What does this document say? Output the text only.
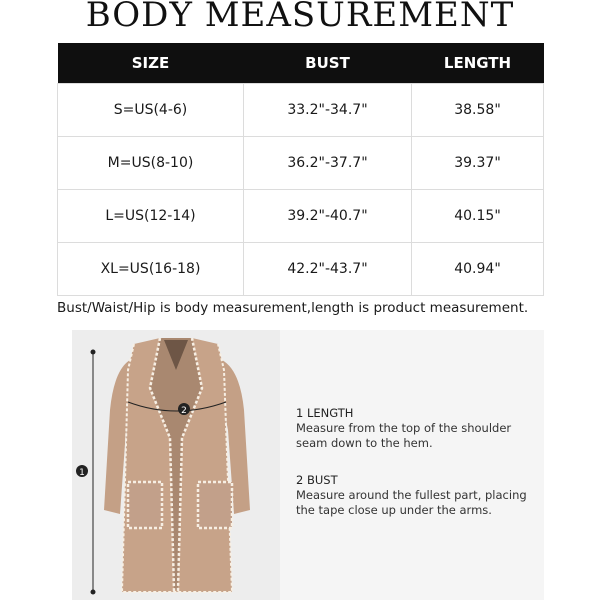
BODY MEASUREMENT
SIZE	BUST	LENGTH
S=US(4-6)	33.2"-34.7"	38.58"
M=US(8-10)	36.2"-37.7"	39.37"
L=US(12-14)	39.2"-40.7"	40.15"
XL=US(16-18)	42.2"-43.7"	40.94"
Bust/Waist/Hip is body measurement,length is product measurement.
2
1
1 LENGTH
Measure from the top of the shoulder
seam down to the hem.
2 BUST
Measure around the fullest part, placing
the tape close up under the arms.
